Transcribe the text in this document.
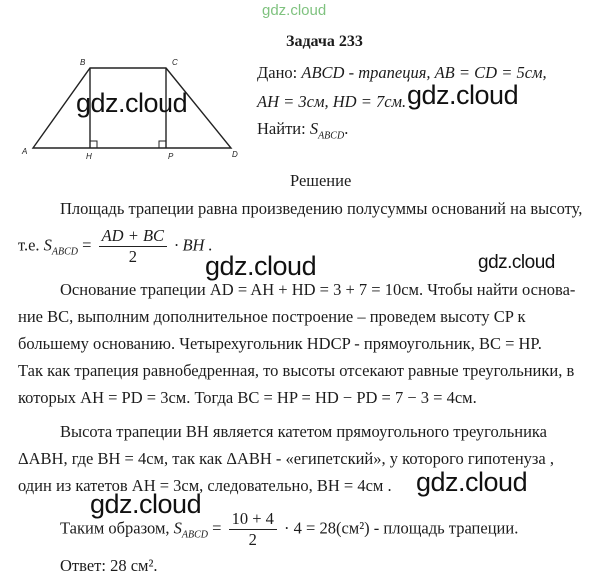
gdz.cloud
B	C
A
H	P	D
Задача 233
Дано: ABCD - трапеция, AB = CD = 5см,
AH = 3см, HD = 7см.
Найти: $S_{ABCD}$.
gdz.cloud	gdz.cloud
gdz.cloud	gdz.cloud
gdz.cloud
gdz.cloud
Решение
Площадь трапеции равна произведению полусуммы оснований на высоту,
т.е. $S_{ABCD} = \frac{AD + BC}{2}$ · BH .
Основание трапеции AD = AH + HD = 3 + 7 = 10см. Чтобы найти основа-
ние BC, выполним дополнительное построение – проведем высоту CP к
большему основанию. Четырехугольник HDCP - прямоугольник, BC = HP.
Так как трапеция равнобедренная, то высоты отсекают равные треугольники, в
которых AH = PD = 3см. Тогда BC = HP = HD − PD = 7 − 3 = 4см.
Высота трапеции BH является катетом прямоугольного треугольника
ΔABH, где BH = 4см, так как ΔABH - «египетский», у которого гипотенуза ,
один из катетов AH = 3см, следовательно, BH = 4см .
Таким образом, $S_{ABCD} = \frac{10 + 4}{2} \cdot 4 = 28(см^2)$ - площадь трапеции.
Ответ: 28 см².
